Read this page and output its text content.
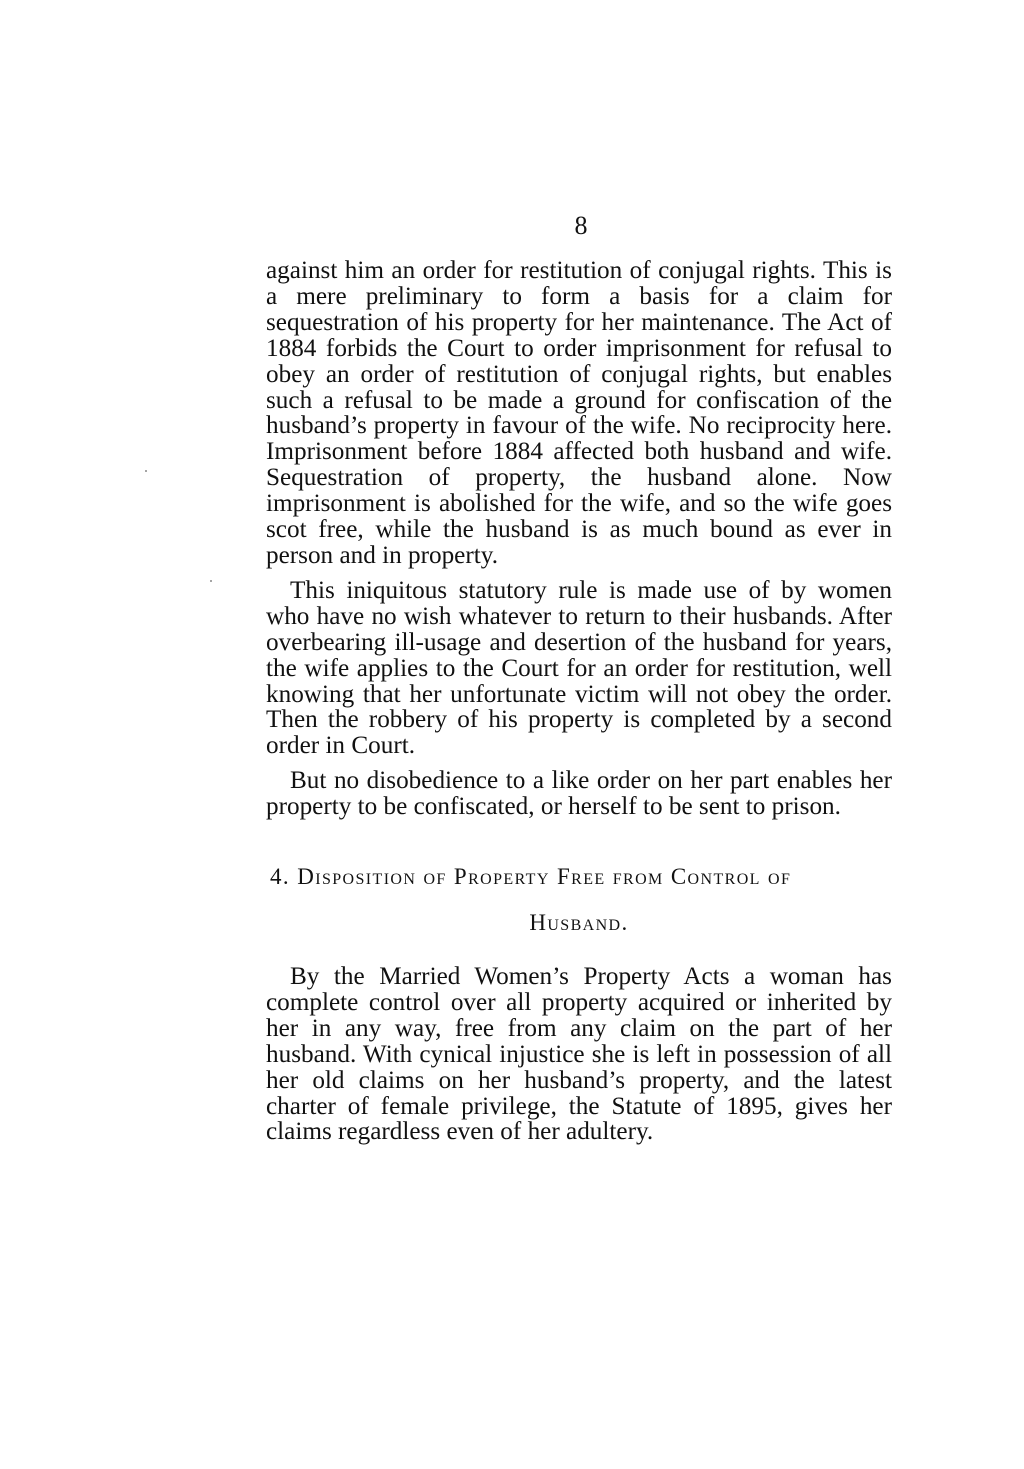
8

against him an order for restitution of conjugal rights. This is a mere preliminary to form a basis for a claim for sequestration of his property for her maintenance. The Act of 1884 forbids the Court to order imprisonment for refusal to obey an order of restitution of conjugal rights, but enables such a refusal to be made a ground for confiscation of the husband’s property in favour of the wife. No reciprocity here. Imprisonment before 1884 affected both husband and wife. Sequestration of property, the husband alone. Now imprisonment is abolished for the wife, and so the wife goes scot free, while the husband is as much bound as ever in person and in property.

This iniquitous statutory rule is made use of by women who have no wish whatever to return to their husbands. After overbearing ill-usage and desertion of the husband for years, the wife applies to the Court for an order for restitution, well knowing that her unfortunate victim will not obey the order. Then the robbery of his property is completed by a second order in Court.

But no disobedience to a like order on her part enables her property to be confiscated, or herself to be sent to prison.

4. Disposition of Property Free from Control of
Husband.

By the Married Women’s Property Acts a woman has complete control over all property acquired or inherited by her in any way, free from any claim on the part of her husband. With cynical injustice she is left in possession of all her old claims on her husband’s property, and the latest charter of female privilege, the Statute of 1895, gives her claims regardless even of her adultery.
